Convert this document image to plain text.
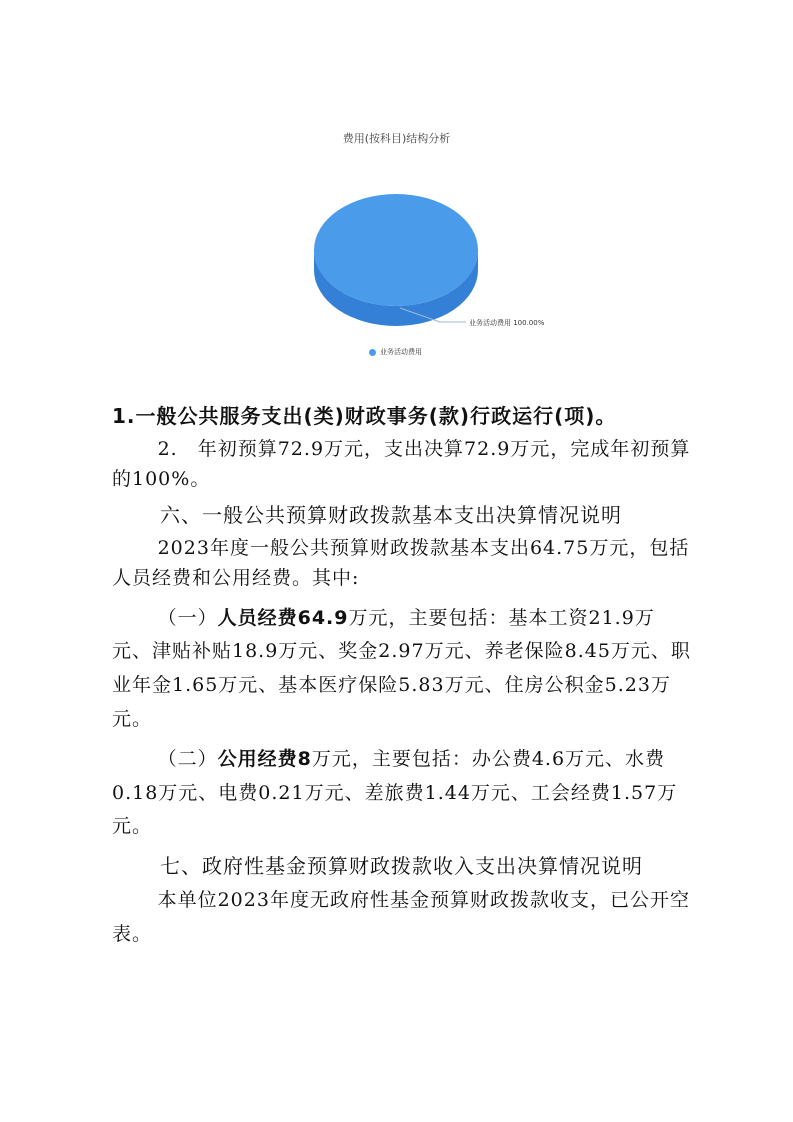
费用(按科目)结构分析
业务活动费用 100.00%
业务活动费用

1.一般公共服务支出(类)财政事务(款)行政运行(项)。

2.　年初预算72.9万元，支出决算72.9万元，完成年初预算的100%。

六、一般公共预算财政拨款基本支出决算情况说明

2023年度一般公共预算财政拨款基本支出64.75万元，包括人员经费和公用经费。其中:

（一）人员经费64.9万元，主要包括：基本工资21.9万元、津贴补贴18.9万元、奖金2.97万元、养老保险8.45万元、职业年金1.65万元、基本医疗保险5.83万元、住房公积金5.23万元。

（二）公用经费8万元，主要包括：办公费4.6万元、水费0.18万元、电费0.21万元、差旅费1.44万元、工会经费1.57万元。

七、政府性基金预算财政拨款收入支出决算情况说明

本单位2023年度无政府性基金预算财政拨款收支，已公开空表。
